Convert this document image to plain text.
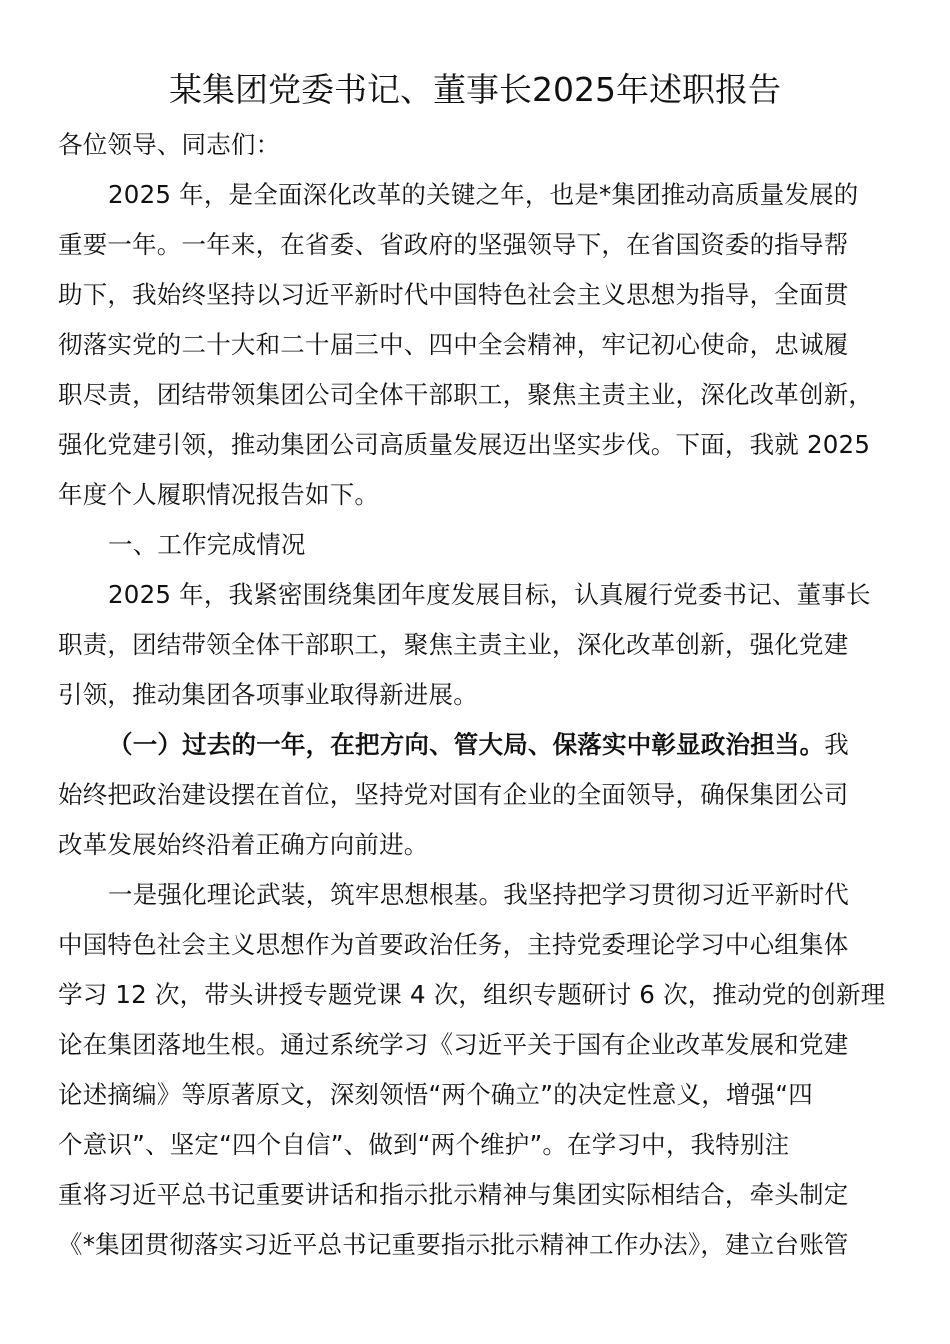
某集团党委书记、董事长2025年述职报告
各位领导、同志们：
2025 年，是全面深化改革的关键之年，也是*集团推动高质量发展的
重要一年。一年来，在省委、省政府的坚强领导下，在省国资委的指导帮
助下，我始终坚持以习近平新时代中国特色社会主义思想为指导，全面贯
彻落实党的二十大和二十届三中、四中全会精神，牢记初心使命，忠诚履
职尽责，团结带领集团公司全体干部职工，聚焦主责主业，深化改革创新，
强化党建引领，推动集团公司高质量发展迈出坚实步伐。下面，我就 2025
年度个人履职情况报告如下。
一、工作完成情况
2025 年，我紧密围绕集团年度发展目标，认真履行党委书记、董事长
职责，团结带领全体干部职工，聚焦主责主业，深化改革创新，强化党建
引领，推动集团各项事业取得新进展。
（一）过去的一年，在把方向、管大局、保落实中彰显政治担当。我
始终把政治建设摆在首位，坚持党对国有企业的全面领导，确保集团公司
改革发展始终沿着正确方向前进。
一是强化理论武装，筑牢思想根基。我坚持把学习贯彻习近平新时代
中国特色社会主义思想作为首要政治任务，主持党委理论学习中心组集体
学习 12 次，带头讲授专题党课 4 次，组织专题研讨 6 次，推动党的创新理
论在集团落地生根。通过系统学习《习近平关于国有企业改革发展和党建
论述摘编》等原著原文，深刻领悟“两个确立”的决定性意义，增强“四
个意识”、坚定“四个自信”、做到“两个维护”。在学习中，我特别注
重将习近平总书记重要讲话和指示批示精神与集团实际相结合，牵头制定
《*集团贯彻落实习近平总书记重要指示批示精神工作办法》，建立台账管
